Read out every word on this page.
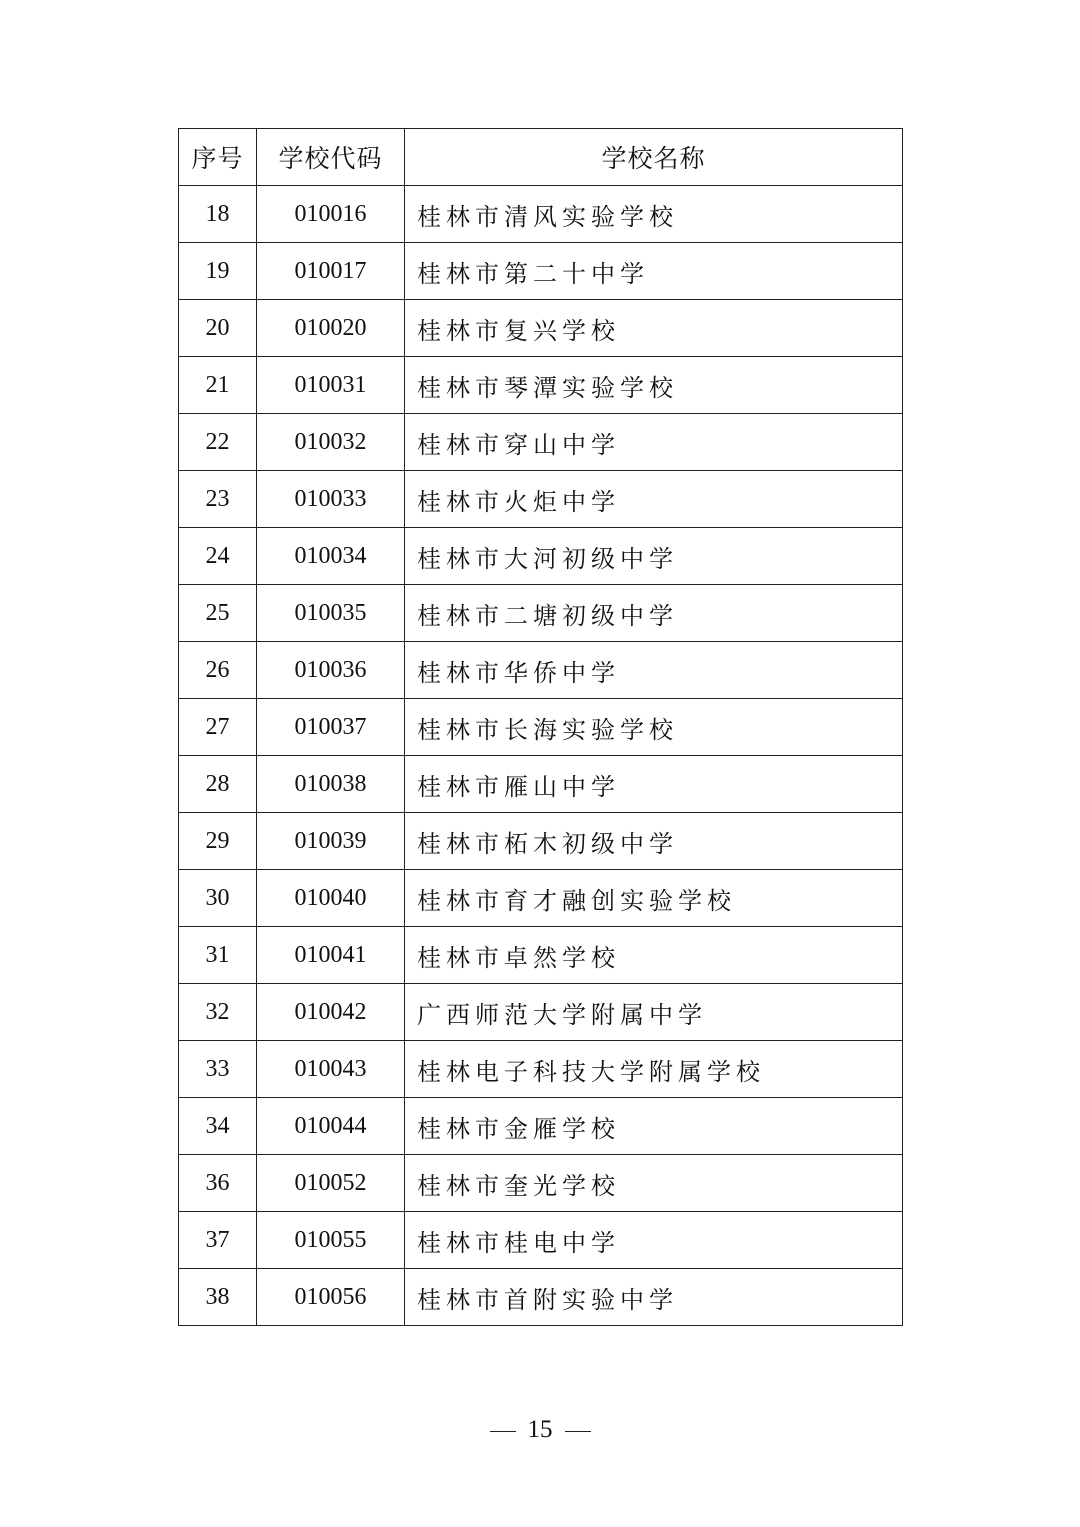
序号	学校代码	学校名称
18	010016	桂林市清风实验学校
19	010017	桂林市第二十中学
20	010020	桂林市复兴学校
21	010031	桂林市琴潭实验学校
22	010032	桂林市穿山中学
23	010033	桂林市火炬中学
24	010034	桂林市大河初级中学
25	010035	桂林市二塘初级中学
26	010036	桂林市华侨中学
27	010037	桂林市长海实验学校
28	010038	桂林市雁山中学
29	010039	桂林市柘木初级中学
30	010040	桂林市育才融创实验学校
31	010041	桂林市卓然学校
32	010042	广西师范大学附属中学
33	010043	桂林电子科技大学附属学校
34	010044	桂林市金雁学校
36	010052	桂林市奎光学校
37	010055	桂林市桂电中学
38	010056	桂林市首附实验中学
15
